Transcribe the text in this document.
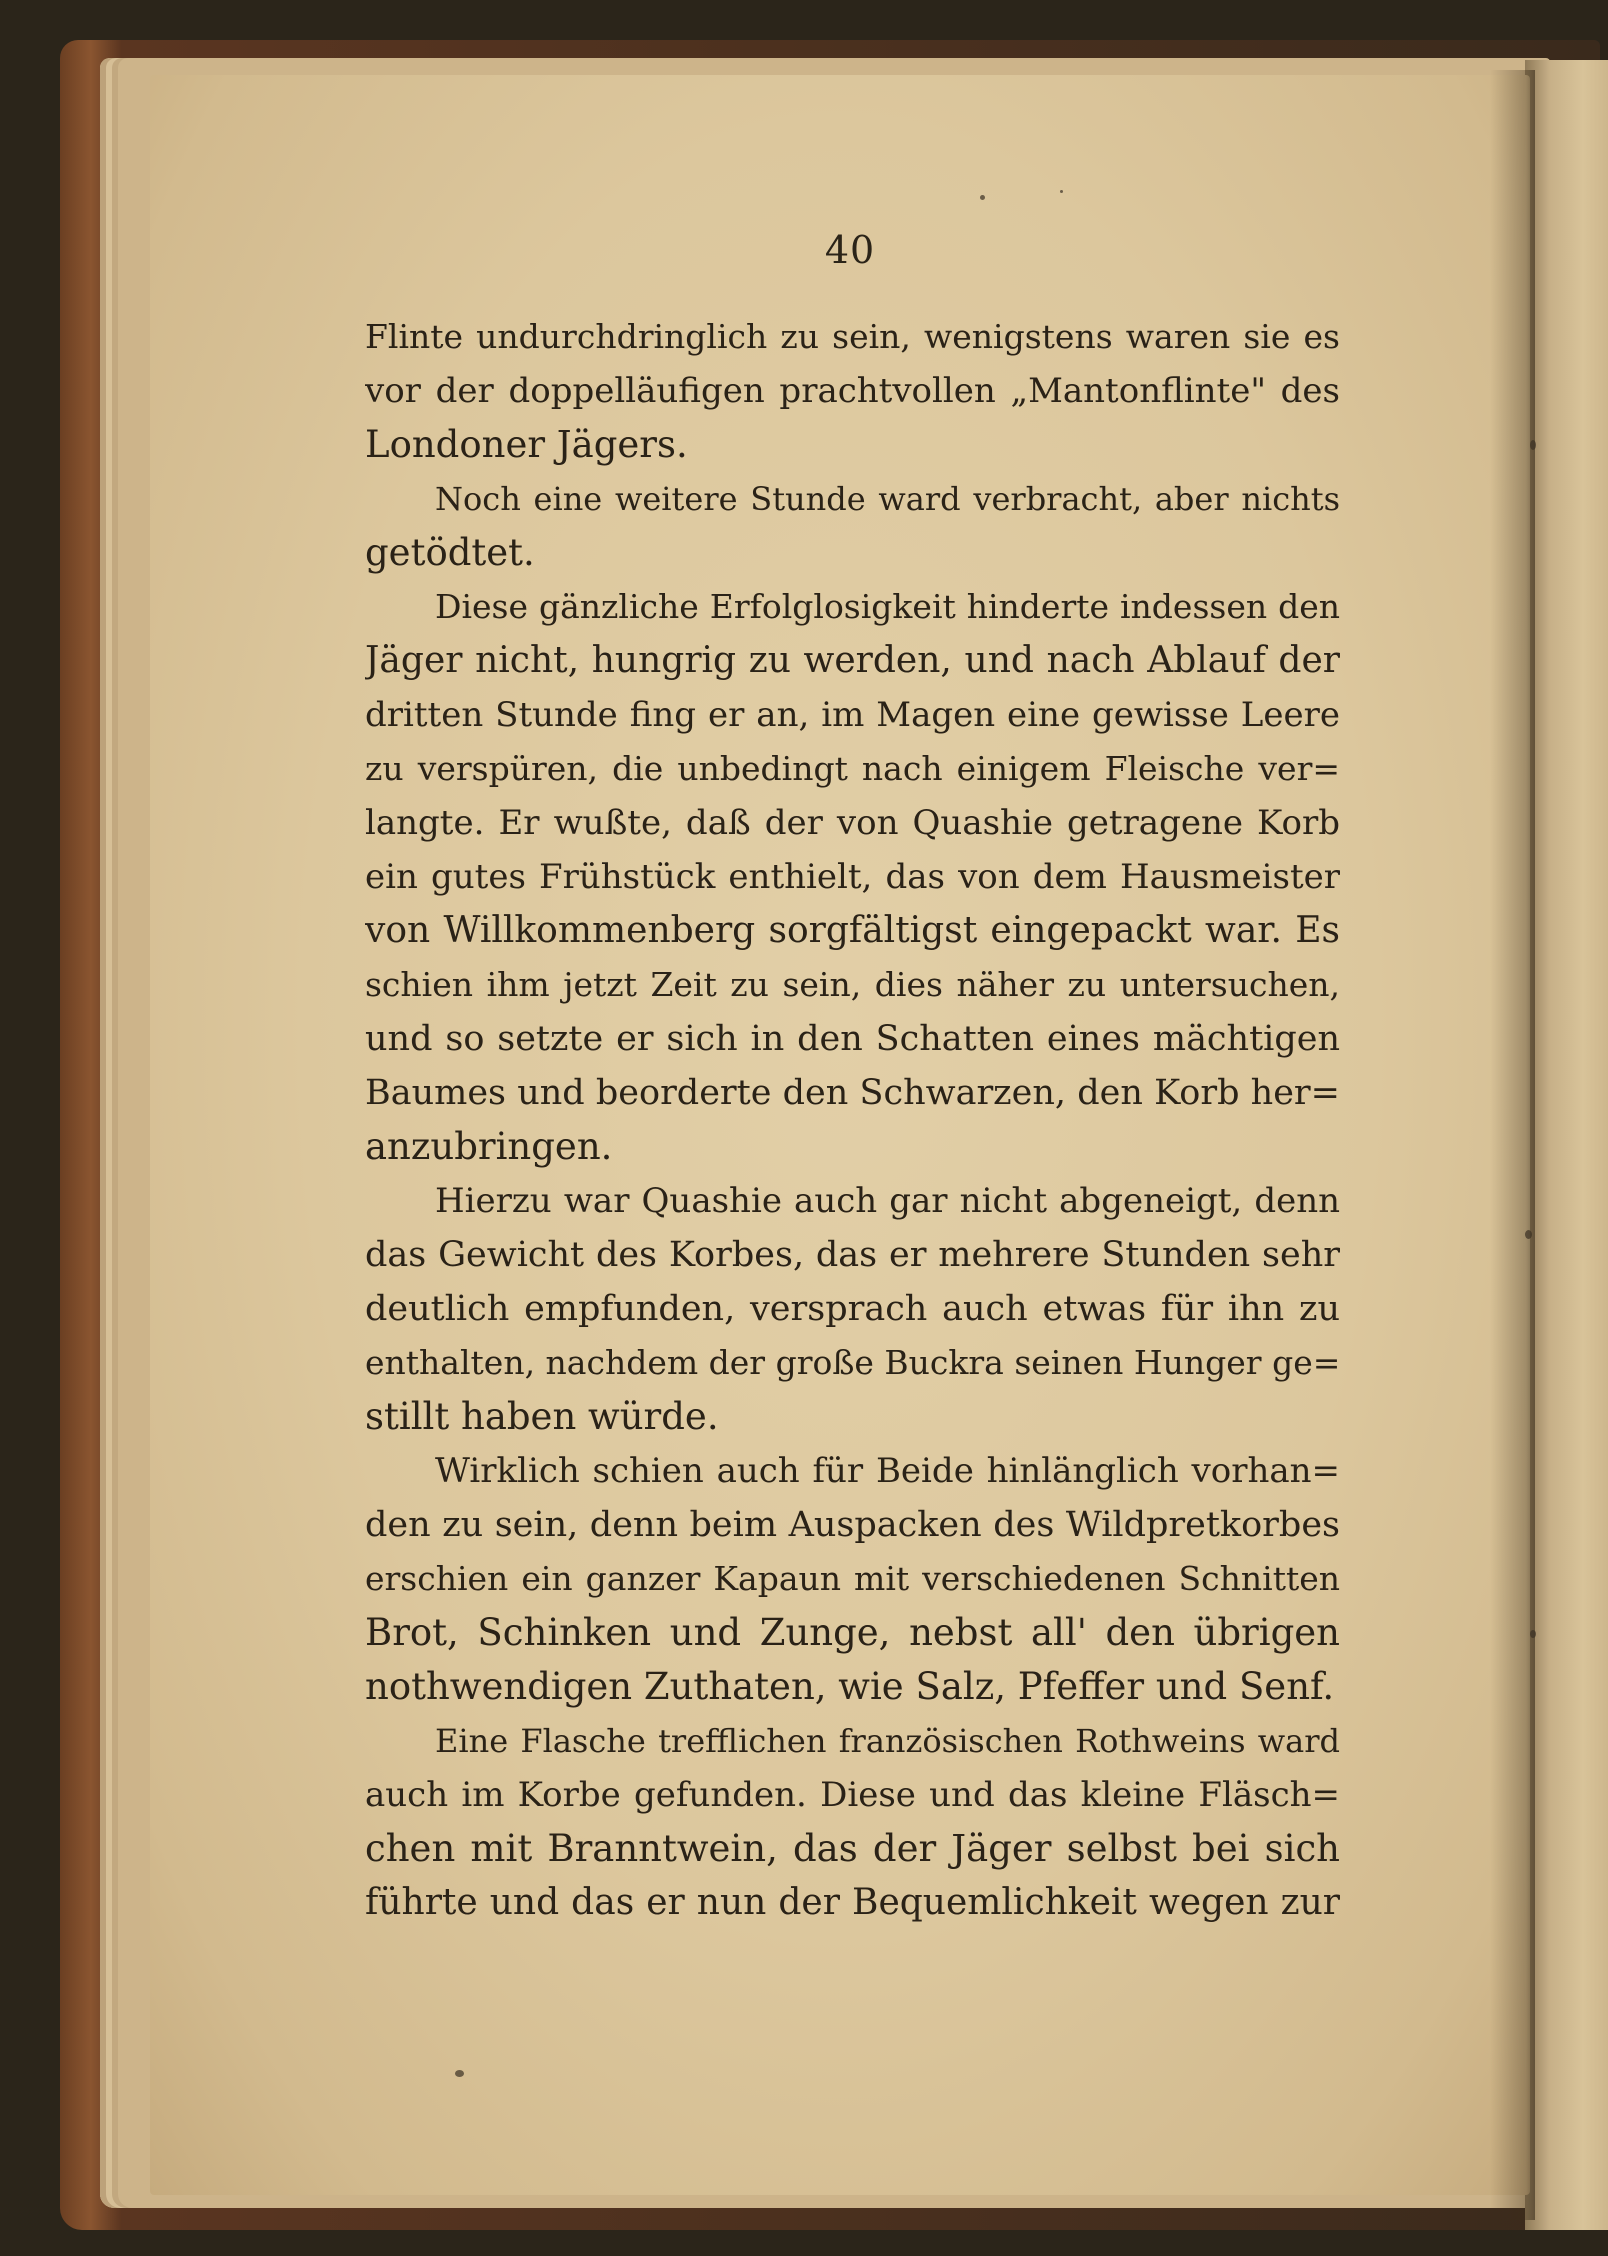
40
Flinte undurchdringlich zu sein, wenigstens waren sie es
vor der doppelläufigen prachtvollen „Mantonflinte" des
Londoner Jägers.
Noch eine weitere Stunde ward verbracht, aber nichts
getödtet.
Diese gänzliche Erfolglosigkeit hinderte indessen den
Jäger nicht, hungrig zu werden, und nach Ablauf der
dritten Stunde fing er an, im Magen eine gewisse Leere
zu verspüren, die unbedingt nach einigem Fleische ver=
langte. Er wußte, daß der von Quashie getragene Korb
ein gutes Frühstück enthielt, das von dem Hausmeister
von Willkommenberg sorgfältigst eingepackt war. Es
schien ihm jetzt Zeit zu sein, dies näher zu untersuchen,
und so setzte er sich in den Schatten eines mächtigen
Baumes und beorderte den Schwarzen, den Korb her=
anzubringen.
Hierzu war Quashie auch gar nicht abgeneigt, denn
das Gewicht des Korbes, das er mehrere Stunden sehr
deutlich empfunden, versprach auch etwas für ihn zu
enthalten, nachdem der große Buckra seinen Hunger ge=
stillt haben würde.
Wirklich schien auch für Beide hinlänglich vorhan=
den zu sein, denn beim Auspacken des Wildpretkorbes
erschien ein ganzer Kapaun mit verschiedenen Schnitten
Brot, Schinken und Zunge, nebst all' den übrigen
nothwendigen Zuthaten, wie Salz, Pfeffer und Senf.
Eine Flasche trefflichen französischen Rothweins ward
auch im Korbe gefunden. Diese und das kleine Fläsch=
chen mit Branntwein, das der Jäger selbst bei sich
führte und das er nun der Bequemlichkeit wegen zur
